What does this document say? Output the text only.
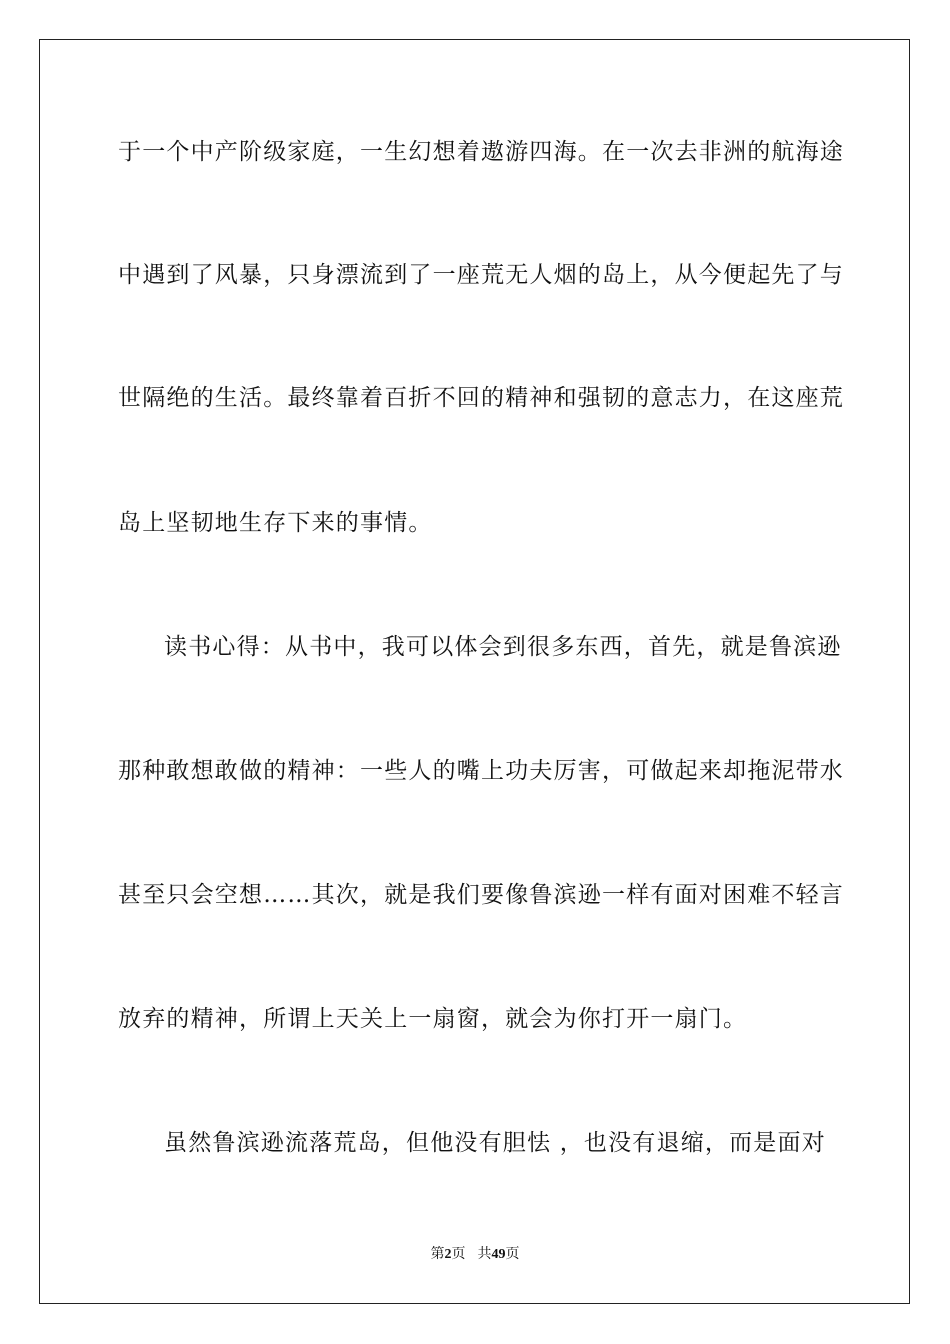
于一个中产阶级家庭，一生幻想着遨游四海。在一次去非洲的航海途
中遇到了风暴，只身漂流到了一座荒无人烟的岛上，从今便起先了与
世隔绝的生活。最终靠着百折不回的精神和强韧的意志力，在这座荒
岛上坚韧地生存下来的事情。
读书心得：从书中，我可以体会到很多东西，首先，就是鲁滨逊
那种敢想敢做的精神：一些人的嘴上功夫厉害，可做起来却拖泥带水
甚至只会空想……其次，就是我们要像鲁滨逊一样有面对困难不轻言
放弃的精神，所谓上天关上一扇窗，就会为你打开一扇门。
虽然鲁滨逊流落荒岛，但他没有胆怯 ，也没有退缩，而是面对
第2页 共49页
